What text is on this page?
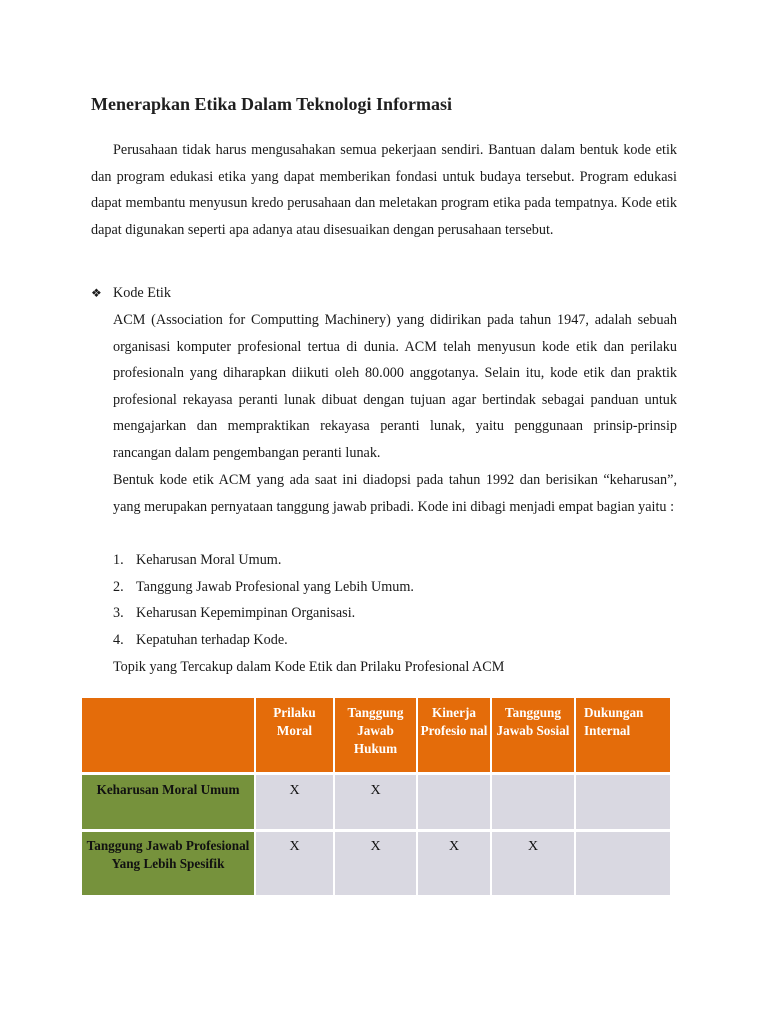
Menerapkan Etika Dalam Teknologi Informasi

Perusahaan tidak harus mengusahakan semua pekerjaan sendiri. Bantuan dalam bentuk kode etik dan program edukasi etika yang dapat memberikan fondasi untuk budaya tersebut. Program edukasi dapat membantu menyusun kredo perusahaan dan meletakan program etika pada tempatnya. Kode etik dapat digunakan seperti apa adanya atau disesuaikan dengan perusahaan tersebut.

❖ Kode Etik

ACM (Association for Computting Machinery) yang didirikan pada tahun 1947, adalah sebuah organisasi komputer profesional tertua di dunia. ACM telah menyusun kode etik dan perilaku profesionaln yang diharapkan diikuti oleh 80.000 anggotanya. Selain itu, kode etik dan praktik profesional rekayasa peranti lunak dibuat dengan tujuan agar bertindak sebagai panduan untuk mengajarkan dan mempraktikan rekayasa peranti lunak, yaitu penggunaan prinsip-prinsip rancangan dalam pengembangan peranti lunak.

Bentuk kode etik ACM yang ada saat ini diadopsi pada tahun 1992 dan berisikan “keharusan”, yang merupakan pernyataan tanggung jawab pribadi. Kode ini dibagi menjadi empat bagian yaitu :

1. Keharusan Moral Umum.
2. Tanggung Jawab Profesional yang Lebih Umum.
3. Keharusan Kepemimpinan Organisasi.
4. Kepatuhan terhadap Kode.
Topik yang Tercakup dalam Kode Etik dan Prilaku Profesional ACM
	Prilaku Moral	Tanggung Jawab Hukum	Kinerja Profesio nal	Tanggung Jawab Sosial	Dukungan Internal

Keharusan Moral Umum	X	X			

Tanggung Jawab Profesional Yang Lebih Spesifik	X	X	X	X	
